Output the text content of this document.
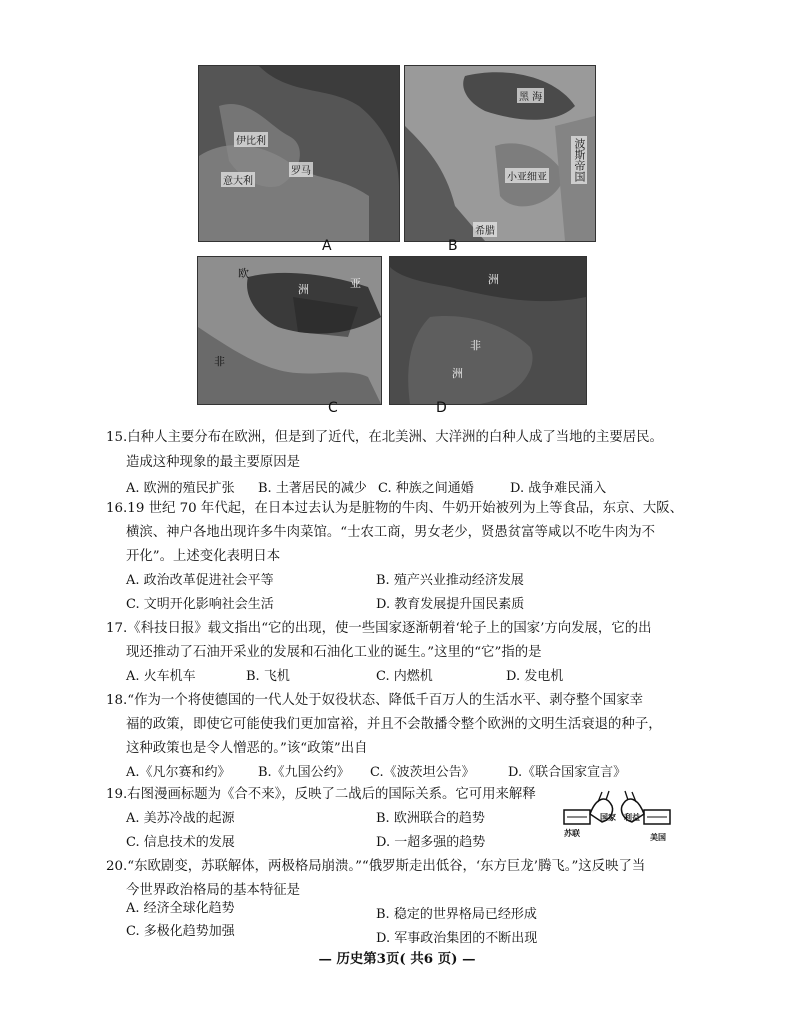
伊比利
罗马
意大利
A
黑 海
波斯帝国
小亚细亚
希腊
B
欧
洲	亚
非
C
洲
非
洲
D
15.白种人主要分布在欧洲，但是到了近代，在北美洲、大洋洲的白种人成了当地的主要居民。
造成这种现象的最主要原因是
A. 欧洲的殖民扩张 B. 土著居民的减少 C. 种族之间通婚	D. 战争难民涌入
16.19 世纪 70 年代起，在日本过去认为是脏物的牛肉、牛奶开始被列为上等食品，东京、大阪、
横滨、神户各地出现许多牛肉菜馆。“士农工商，男女老少，贤愚贫富等咸以不吃牛肉为不
开化”。上述变化表明日本
A. 政治改革促进社会平等	B. 殖产兴业推动经济发展
C. 文明开化影响社会生活	D. 教育发展提升国民素质
17.《科技日报》载文指出“它的出现，使一些国家逐渐朝着‘轮子上的国家’方向发展，它的出
现还推动了石油开采业的发展和石油化工业的诞生。”这里的“它”指的是
A. 火车机车	B. 飞机	C. 内燃机	D. 发电机
18.“作为一个将使德国的一代人处于奴役状态、降低千百万人的生活水平、剥夺整个国家幸
福的政策，即使它可能使我们更加富裕，并且不会散播令整个欧洲的文明生活衰退的种子，
这种政策也是令人憎恶的。”该“政策”出自
A.《凡尔赛和约》 B.《九国公约》 C.《波茨坦公告》	D.《联合国家宣言》
19.右图漫画标题为《合不来》，反映了二战后的国际关系。它可用来解释
A. 美苏冷战的起源	B. 欧洲联合的趋势
C. 信息技术的发展	D. 一超多强的趋势
国家 利益
苏联	美国
20.“东欧剧变，苏联解体，两极格局崩溃。”“俄罗斯走出低谷，‘东方巨龙’腾飞。”这反映了当
今世界政治格局的基本特征是
A. 经济全球化趋势	B. 稳定的世界格局已经形成
C. 多极化趋势加强	D. 军事政治集团的不断出现
— 历史第3页( 共6 页) —
